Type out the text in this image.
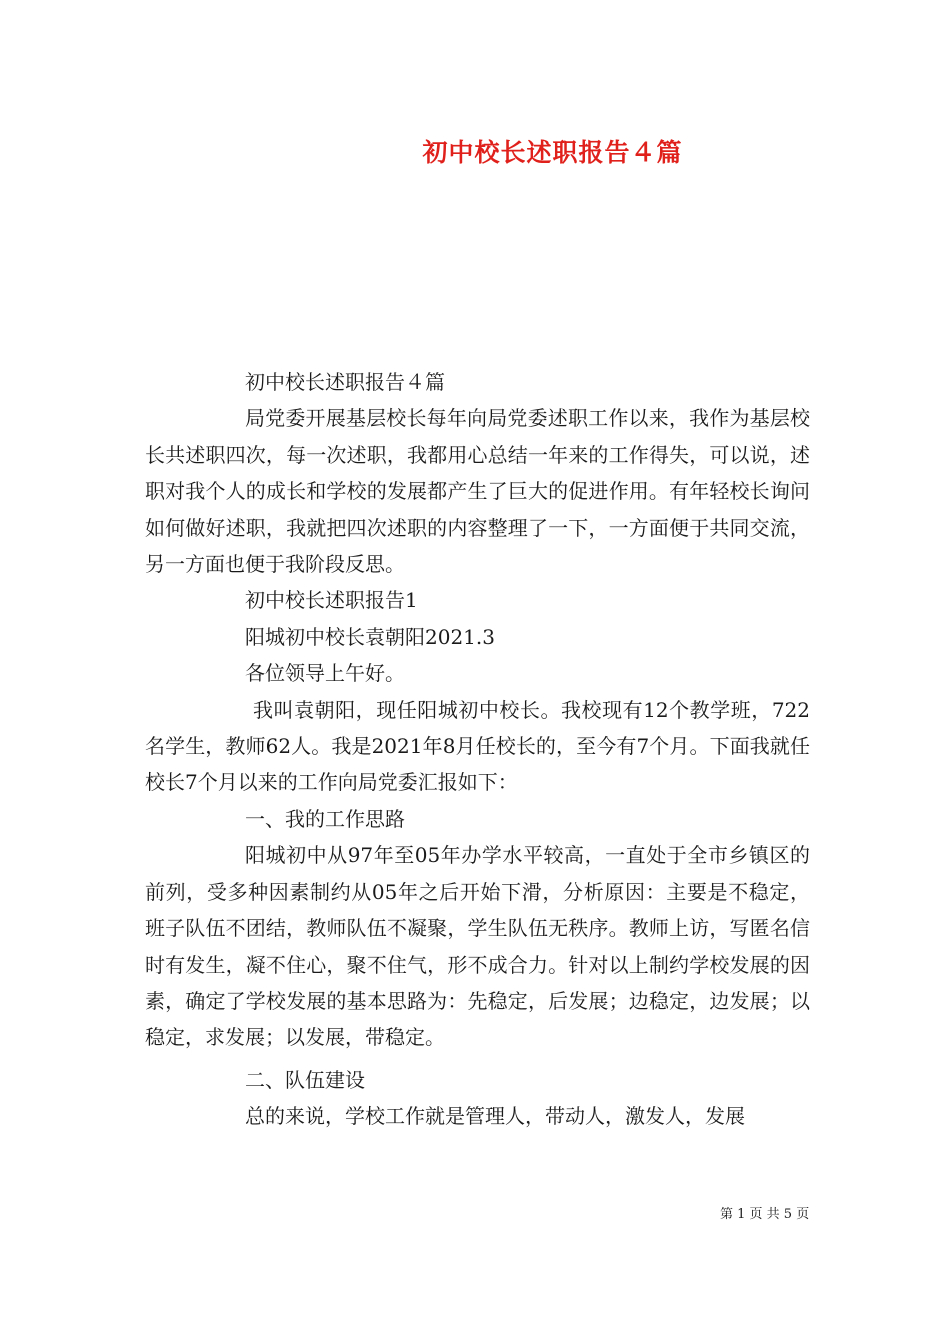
初中校长述职报告４篇

初中校长述职报告４篇

局党委开展基层校长每年向局党委述职工作以来，我作为基层校长共述职四次，每一次述职，我都用心总结一年来的工作得失，可以说，述职对我个人的成长和学校的发展都产生了巨大的促进作用。有年轻校长询问如何做好述职，我就把四次述职的内容整理了一下，一方面便于共同交流，另一方面也便于我阶段反思。

初中校长述职报告1

阳城初中校长袁朝阳2021.3

各位领导上午好。

我叫袁朝阳，现任阳城初中校长。我校现有12个教学班，722名学生，教师62人。我是2021年8月任校长的，至今有7个月。下面我就任校长7个月以来的工作向局党委汇报如下：

一、我的工作思路

阳城初中从97年至05年办学水平较高，一直处于全市乡镇区的前列，受多种因素制约从05年之后开始下滑，分析原因：主要是不稳定，班子队伍不团结，教师队伍不凝聚，学生队伍无秩序。教师上访，写匿名信时有发生，凝不住心，聚不住气，形不成合力。针对以上制约学校发展的因素，确定了学校发展的基本思路为：先稳定，后发展；边稳定，边发展；以稳定，求发展；以发展，带稳定。

二、队伍建设

总的来说，学校工作就是管理人，带动人，激发人，发展

第 1 页 共 5 页
